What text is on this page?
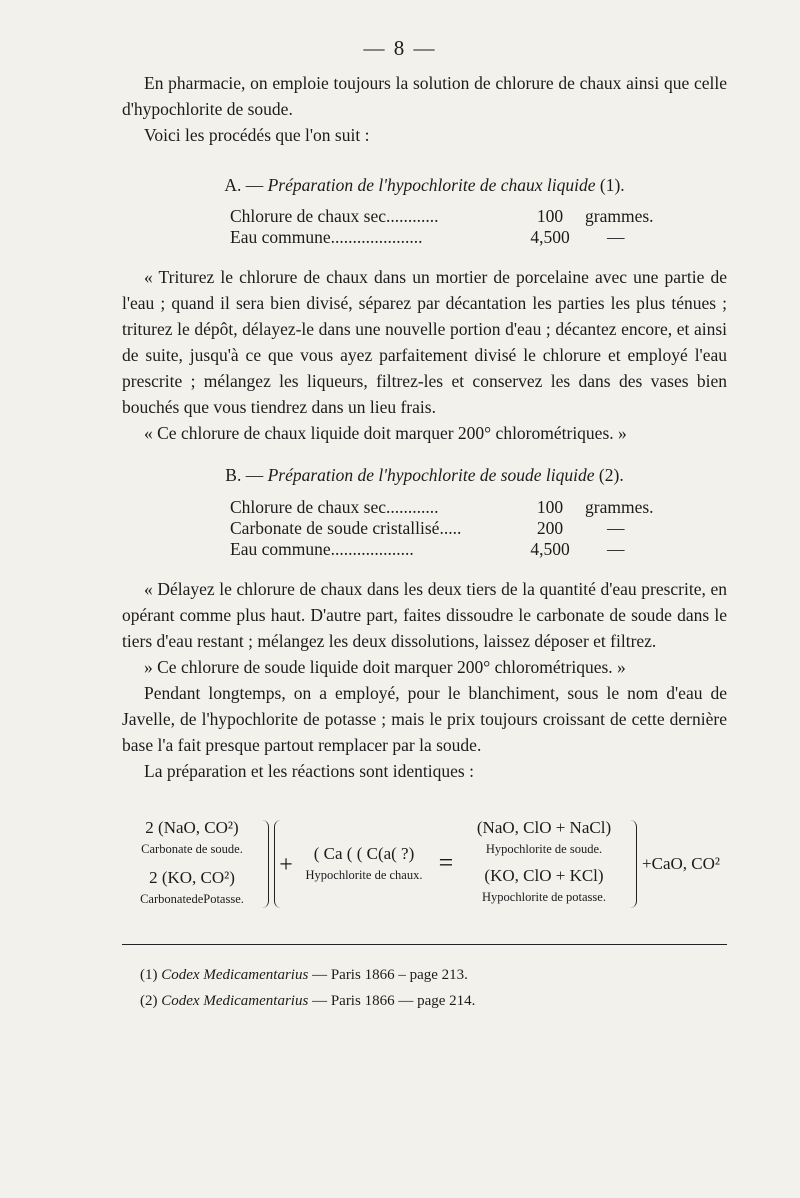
— 8 —

En pharmacie, on emploie toujours la solution de chlorure de chaux ainsi que celle d'hypochlorite de soude.

Voici les procédés que l'on suit :

A. — Préparation de l'hypochlorite de chaux liquide (1).

Chlorure de chaux sec............	100	grammes.
Eau commune.....................	4,500	—

« Triturez le chlorure de chaux dans un mortier de porcelaine avec une partie de l'eau ; quand il sera bien divisé, séparez par décantation les parties les plus ténues ; triturez le dépôt, délayez-le dans une nouvelle portion d'eau ; décantez encore, et ainsi de suite, jusqu'à ce que vous ayez parfaitement divisé le chlorure et employé l'eau prescrite ; mélangez les liqueurs, filtrez-les et conservez les dans des vases bien bouchés que vous tiendrez dans un lieu frais.

« Ce chlorure de chaux liquide doit marquer 200° chlorométriques. »

B. — Préparation de l'hypochlorite de soude liquide (2).

Chlorure de chaux sec............	100	grammes.
Carbonate de soude cristallisé.....	200	—
Eau commune...................	4,500	—

« Délayez le chlorure de chaux dans les deux tiers de la quantité d'eau prescrite, en opérant comme plus haut. D'autre part, faites dissoudre le carbonate de soude dans le tiers d'eau restant ; mélangez les deux dissolutions, laissez déposer et filtrez.

» Ce chlorure de soude liquide doit marquer 200° chlorométriques. »

Pendant longtemps, on a employé, pour le blanchiment, sous le nom d'eau de Javelle, de l'hypochlorite de potasse ; mais le prix toujours croissant de cette dernière base l'a fait presque partout remplacer par la soude.

La préparation et les réactions sont identiques :

2 (NaO, CO²)
Carbonate de soude.
2 (KO, CO²)
CarbonatedePotasse.
+	( Ca ( ( C(a( ?)
Hypochlorite de chaux. =
(NaO, ClO + NaCl)
Hypochlorite de soude.
(KO, ClO + KCl)
Hypochlorite de potasse.
+CaO, CO²
(1) Codex Medicamentarius — Paris 1866 – page 213.
(2) Codex Medicamentarius — Paris 1866 — page 214.
